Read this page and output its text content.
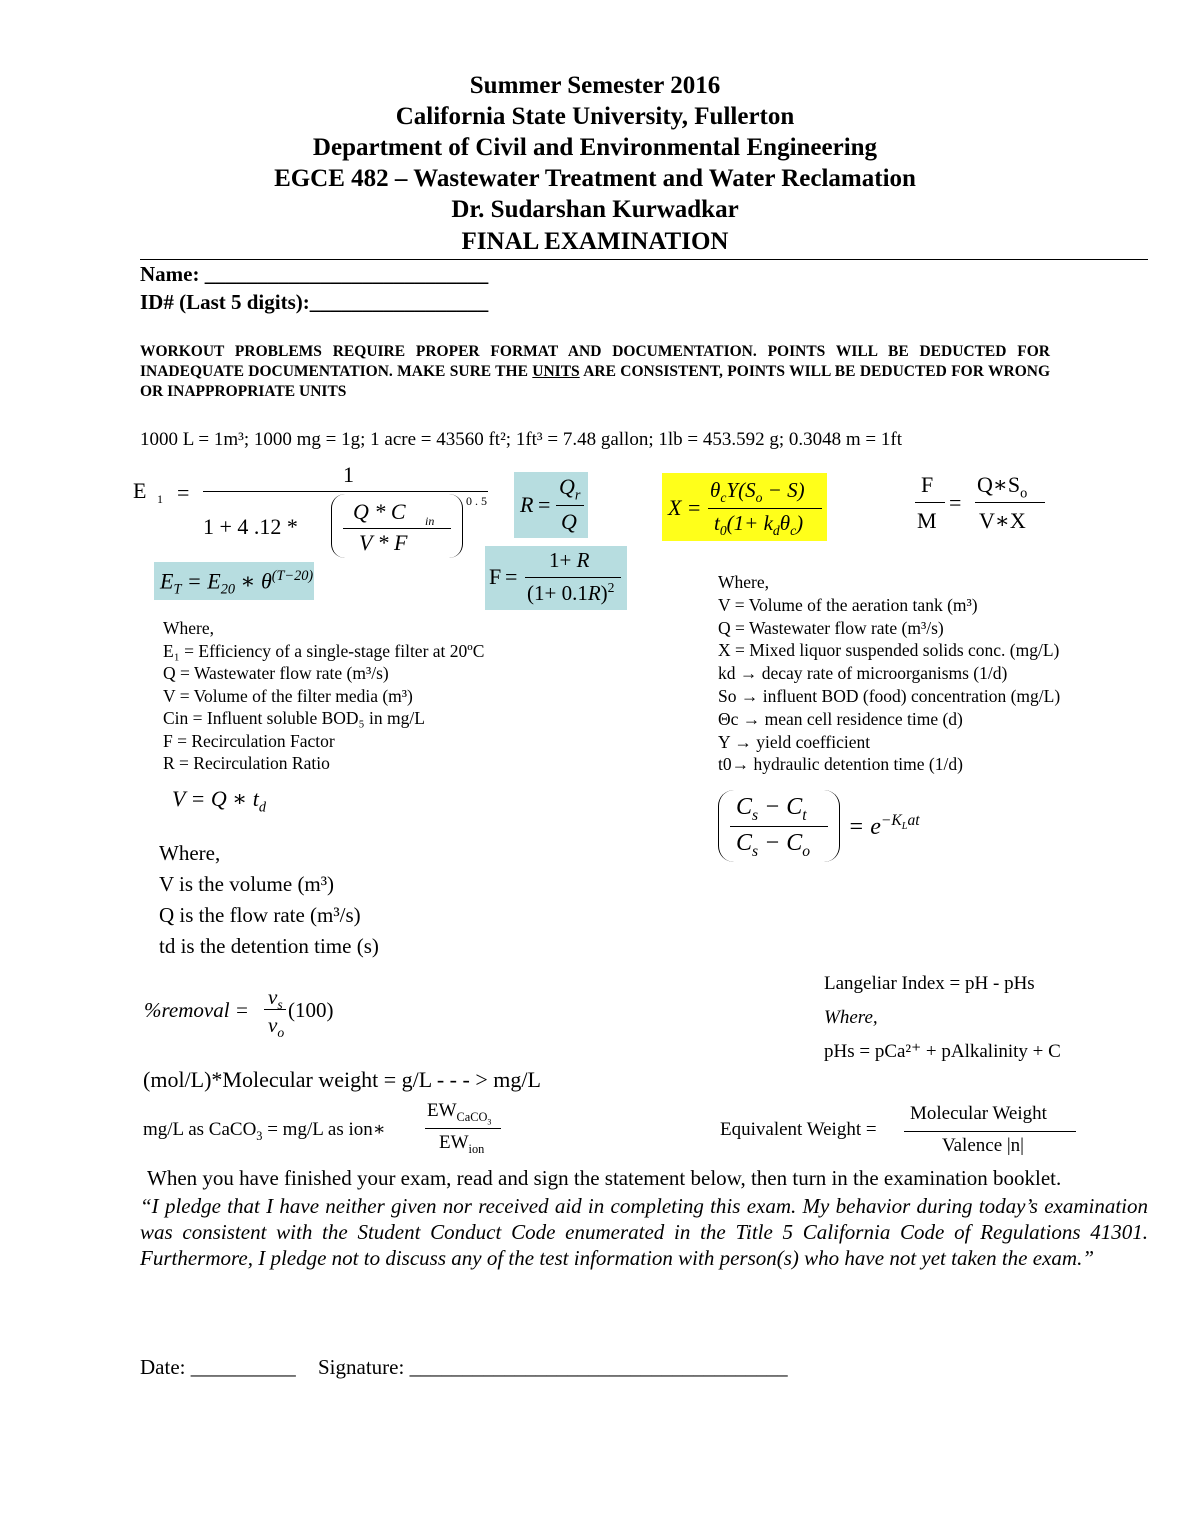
Summer Semester 2016
California State University, Fullerton
Department of Civil and Environmental Engineering
EGCE 482 – Wastewater Treatment and Water Reclamation
Dr. Sudarshan Kurwadkar
FINAL EXAMINATION
Name: ___________________________
ID# (Last 5 digits):_________________
WORKOUT PROBLEMS REQUIRE PROPER FORMAT AND DOCUMENTATION. POINTS WILL BE DEDUCTED FOR INADEQUATE DOCUMENTATION. MAKE SURE THE UNITS ARE CONSISTENT, POINTS WILL BE DEDUCTED FOR WRONG OR INAPPROPRIATE UNITS
1000 L = 1m³; 1000 mg = 1g; 1 acre = 43560 ft²; 1ft³ = 7.48 gallon; 1lb = 453.592 g; 0.3048 m = 1ft
E 1 =
1
1 + 4 .12 *
Q * C in
V * F
0 . 5 R =
$Q_r$
Q
X =
$\theta_cY(S_o - S)$
$t_0(1+ k_d\theta_c)$
F
M
=
$Q∗S_o$
V∗X
$E_T = E_{20}$ ∗ $\theta^{(T-20)}$	F =
1+ R
$(1+ 0.1R)^2$
Where,
E₁ = Efficiency of a single-stage filter at 20ºC
Q = Wastewater flow rate (m³/s)
V = Volume of the filter media (m³)
Cin = Influent soluble BOD₅ in mg/L
F = Recirculation Factor
R = Recirculation Ratio
Where,
V = Volume of the aeration tank (m³)
Q = Wastewater flow rate (m³/s)
X = Mixed liquor suspended solids conc. (mg/L)
kd → decay rate of microorganisms (1/d)
So → influent BOD (food) concentration (mg/L)
Θc → mean cell residence time (d)
Y → yield coefficient
t0→ hydraulic detention time (1/d)
V = Q ∗ $t_d$	$C_s - C_t$
$C_s - C_o$
= $e^{-K_Lat}$
Where,
V is the volume (m³)
Q is the flow rate (m³/s)
td is the detention time (s)
Langeliar Index = pH - pHs
Where,
pHs = pCa²⁺ + pAlkalinity + C
%removal =
$v_s$
$v_o$
(100)
(mol/L)*Molecular weight = g/L - - - > mg/L
mg/L as CaCO$_3$ = mg/L as ion∗
$EW_{CaCO_3}$
$EW_{ion}$
Equivalent Weight =
Molecular Weight
Valence |n|
When you have finished your exam, read and sign the statement below, then turn in the examination booklet.
“I pledge that I have neither given nor received aid in completing this exam. My behavior during today’s examination was consistent with the Student Conduct Code enumerated in the Title 5 California Code of Regulations 41301. Furthermore, I pledge not to discuss any of the test information with person(s) who have not yet taken the exam.”
Date: __________ Signature: ____________________________________
